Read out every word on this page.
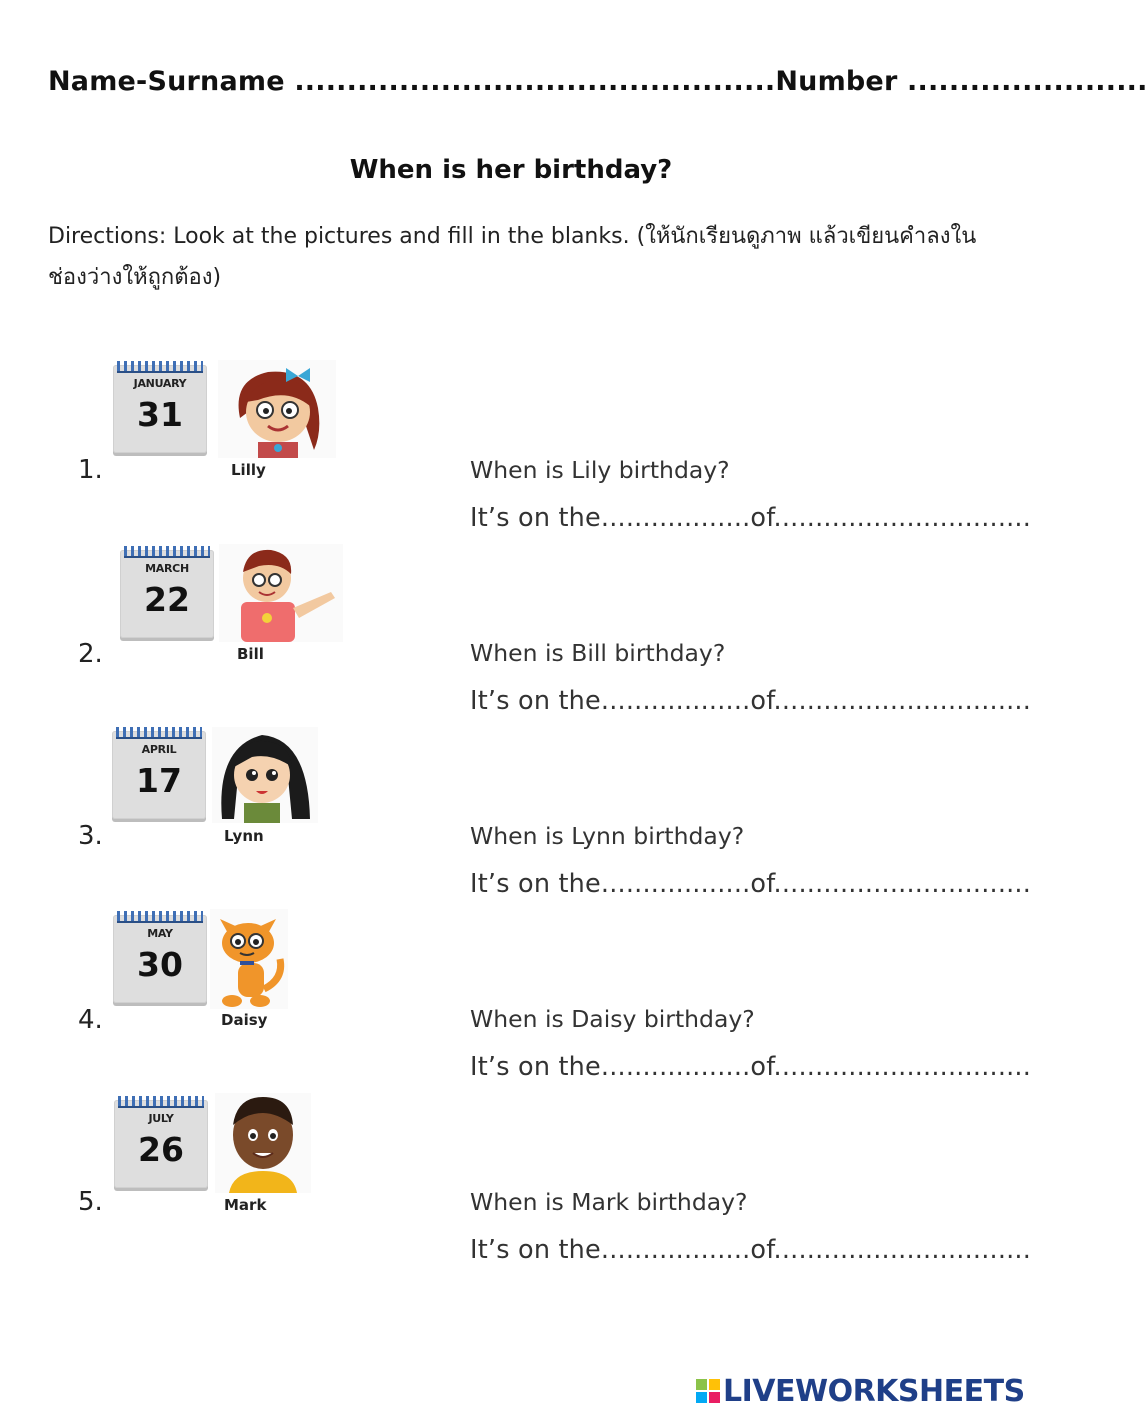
Name-Surname ..............................................Number .......................
When is her birthday?
Directions: Look at the pictures and fill in the blanks. (ให้นักเรียนดูภาพ แล้วเขียนคำลงในช่องว่างให้ถูกต้อง)
1.
JANUARY
31
Lilly	When is Lily birthday?
It’s on the..................of...............................
2.
MARCH
22
Bill	When is Bill birthday?
It’s on the..................of...............................
3.
APRIL
17
Lynn	When is Lynn birthday?
It’s on the..................of...............................
4.
MAY
30
Daisy	When is Daisy birthday?
It’s on the..................of...............................
5.
JULY
26
Mark	When is Mark birthday?
It’s on the..................of...............................
LIVEWORKSHEETS
